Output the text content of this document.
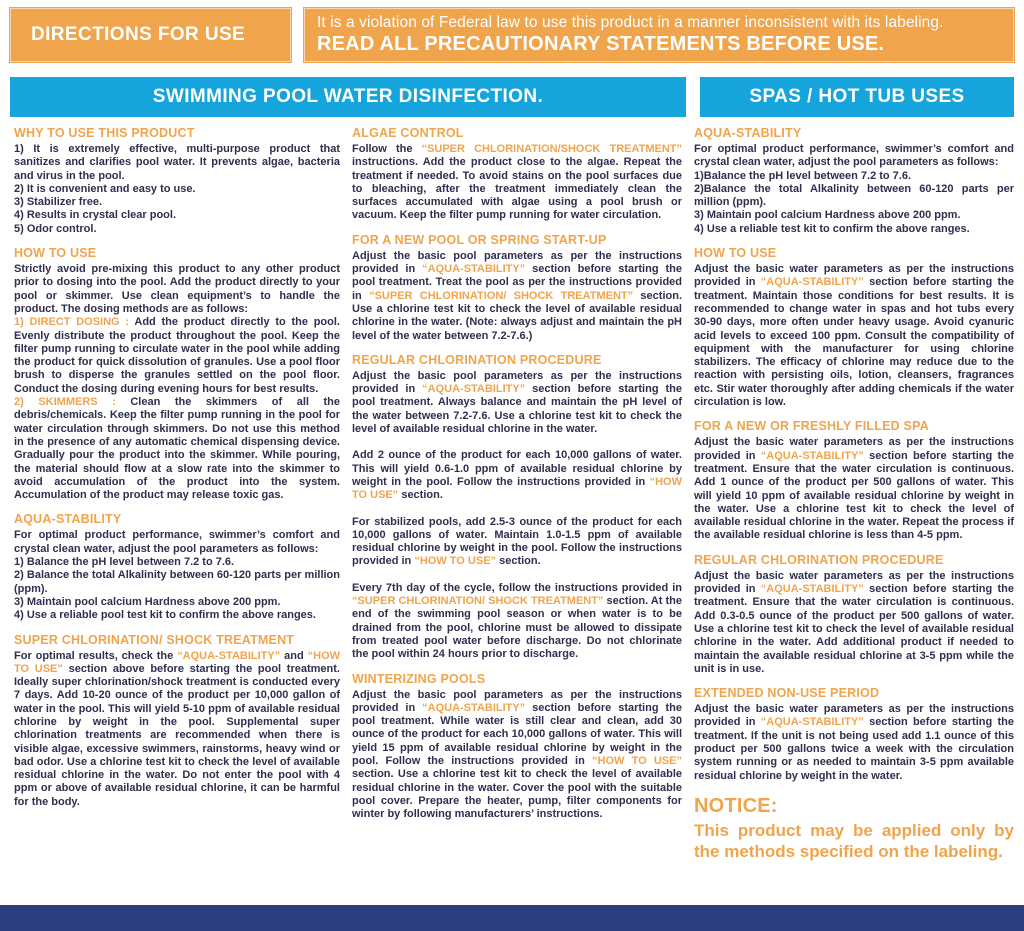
DIRECTIONS FOR USE
It is a violation of Federal law to use this product in a manner inconsistent with its labeling.
READ ALL PRECAUTIONARY STATEMENTS BEFORE USE.
SWIMMING POOL WATER DISINFECTION.	SPAS / HOT TUB USES
WHY TO USE THIS PRODUCT

1) It is extremely effective, multi-purpose product that sanitizes and clarifies pool water. It prevents algae, bacteria and virus in the pool.

2) It is convenient and easy to use.

3) Stabilizer free.

4) Results in crystal clear pool.

5) Odor control.

HOW TO USE

Strictly avoid pre-mixing this product to any other product prior to dosing into the pool. Add the product directly to your pool or skimmer. Use clean equipment’s to handle the product. The dosing methods are as follows:

1) DIRECT DOSING : Add the product directly to the pool. Evenly distribute the product throughout the pool. Keep the filter pump running to circulate water in the pool while adding the product for quick dissolution of granules. Use a pool floor brush to disperse the granules settled on the pool floor. Conduct the dosing during evening hours for best results.

2) SKIMMERS : Clean the skimmers of all the debris/chemicals. Keep the filter pump running in the pool for water circulation through skimmers. Do not use this method in the presence of any automatic chemical dispensing device. Gradually pour the product into the skimmer. While pouring, the material should flow at a slow rate into the skimmer to avoid accumulation of the product into the system. Accumulation of the product may release toxic gas.

AQUA-STABILITY

For optimal product performance, swimmer’s comfort and crystal clean water, adjust the pool parameters as follows:

1) Balance the pH level between 7.2 to 7.6.

2) Balance the total Alkalinity between 60-120 parts per million (ppm).

3) Maintain pool calcium Hardness above 200 ppm.

4) Use a reliable pool test kit to confirm the above ranges.

SUPER CHLORINATION/ SHOCK TREATMENT

For optimal results, check the “AQUA-STABILITY” and “HOW TO USE” section above before starting the pool treatment. Ideally super chlorination/shock treatment is conducted every 7 days. Add 10-20 ounce of the product per 10,000 gallon of water in the pool. This will yield 5-10 ppm of available residual chlorine by weight in the pool. Supplemental super chlorination treatments are recommended when there is visible algae, excessive swimmers, rainstorms, heavy wind or bad odor. Use a chlorine test kit to check the level of available residual chlorine in the water. Do not enter the pool with 4 ppm or above of available residual chlorine, it can be harmful for the body.

ALGAE CONTROL

Follow the “SUPER CHLORINATION/SHOCK TREATMENT” instructions. Add the product close to the algae. Repeat the treatment if needed. To avoid stains on the pool surfaces due to bleaching, after the treatment immediately clean the surfaces accumulated with algae using a pool brush or vacuum. Keep the filter pump running for water circulation.

FOR A NEW POOL OR SPRING START-UP

Adjust the basic pool parameters as per the instructions provided in “AQUA-STABILITY” section before starting the pool treatment. Treat the pool as per the instructions provided in “SUPER CHLORINATION/ SHOCK TREATMENT” section. Use a chlorine test kit to check the level of available residual chlorine in the water. (Note: always adjust and maintain the pH level of the water between 7.2-7.6.)

REGULAR CHLORINATION PROCEDURE

Adjust the basic pool parameters as per the instructions provided in “AQUA-STABILITY” section before starting the pool treatment. Always balance and maintain the pH level of the water between 7.2-7.6. Use a chlorine test kit to check the level of available residual chlorine in the water.

Add 2 ounce of the product for each 10,000 gallons of water. This will yield 0.6-1.0 ppm of available residual chlorine by weight in the pool. Follow the instructions provided in “HOW TO USE” section.

For stabilized pools, add 2.5-3 ounce of the product for each 10,000 gallons of water. Maintain 1.0-1.5 ppm of available residual chlorine by weight in the pool. Follow the instructions provided in “HOW TO USE” section.

Every 7th day of the cycle, follow the instructions provided in “SUPER CHLORINATION/ SHOCK TREATMENT” section. At the end of the swimming pool season or when water is to be drained from the pool, chlorine must be allowed to dissipate from treated pool water before discharge. Do not chlorinate the pool within 24 hours prior to discharge.

WINTERIZING POOLS

Adjust the basic pool parameters as per the instructions provided in “AQUA-STABILITY” section before starting the pool treatment. While water is still clear and clean, add 30 ounce of the product for each 10,000 gallons of water. This will yield 15 ppm of available residual chlorine by weight in the pool. Follow the instructions provided in “HOW TO USE” section. Use a chlorine test kit to check the level of available residual chlorine in the water. Cover the pool with the suitable pool cover. Prepare the heater, pump, filter components for winter by following manufacturers’ instructions.

AQUA-STABILITY

For optimal product performance, swimmer’s comfort and crystal clean water, adjust the pool parameters as follows:

1)Balance the pH level between 7.2 to 7.6.

2)Balance the total Alkalinity between 60-120 parts per million (ppm).

3) Maintain pool calcium Hardness above 200 ppm.

4) Use a reliable test kit to confirm the above ranges.

HOW TO USE

Adjust the basic water parameters as per the instructions provided in “AQUA-STABILITY” section before starting the treatment. Maintain those conditions for best results. It is recommended to change water in spas and hot tubs every 30-90 days, more often under heavy usage. Avoid cyanuric acid levels to exceed 100 ppm. Consult the compatibility of equipment with the manufacturer for using chlorine stabilizers. The efficacy of chlorine may reduce due to the reaction with persisting oils, lotion, cleansers, fragrances etc. Stir water thoroughly after adding chemicals if the water circulation is low.

FOR A NEW OR FRESHLY FILLED SPA

Adjust the basic water parameters as per the instructions provided in “AQUA-STABILITY” section before starting the treatment. Ensure that the water circulation is continuous. Add 1 ounce of the product per 500 gallons of water. This will yield 10 ppm of available residual chlorine by weight in the water. Use a chlorine test kit to check the level of available residual chlorine in the water. Repeat the process if the available residual chlorine is less than 4-5 ppm.

REGULAR CHLORINATION PROCEDURE

Adjust the basic water parameters as per the instructions provided in “AQUA-STABILITY” section before starting the treatment. Ensure that the water circulation is continuous. Add 0.3-0.5 ounce of the product per 500 gallons of water. Use a chlorine test kit to check the level of available residual chlorine in the water. Add additional product if needed to maintain the available residual chlorine at 3-5 ppm while the unit is in use.

EXTENDED NON-USE PERIOD

Adjust the basic water parameters as per the instructions provided in “AQUA-STABILITY” section before starting the treatment. If the unit is not being used add 1.1 ounce of this product per 500 gallons twice a week with the circulation system running or as needed to maintain 3-5 ppm available residual chlorine by weight in the water.

NOTICE:

This product may be applied only by the methods specified on the labeling.
